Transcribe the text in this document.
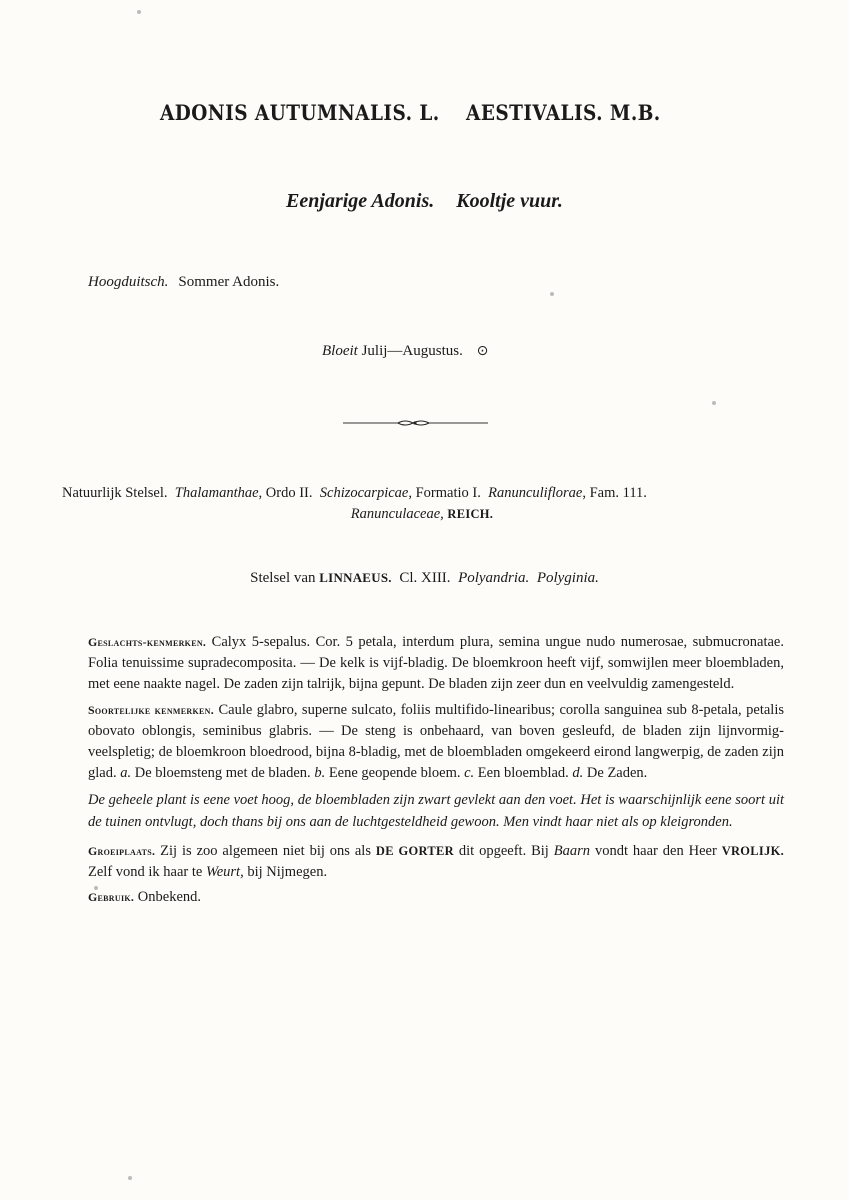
ADONIS AUTUMNALIS. L. AESTIVALIS. M.B.
Eenjarige Adonis. Kooltje vuur.
Hoogduitsch. Sommer Adonis.
Bloeit Julij—Augustus. ⊙
Natuurlijk Stelsel. Thalamanthae, Ordo II. Schizocarpicae, Formatio I. Ranunculiflorae, Fam. 111.
Ranunculaceae, REICH.
Stelsel van LINNAEUS. Cl. XIII. Polyandria. Polyginia.

Geslachts-kenmerken. Calyx 5-sepalus. Cor. 5 petala, interdum plura, semina ungue nudo numerosae, submucronatae. Folia tenuissime supradecomposita. — De kelk is vijf-bladig. De bloemkroon heeft vijf, somwijlen meer bloembladen, met eene naakte nagel. De zaden zijn talrijk, bijna gepunt. De bladen zijn zeer dun en veelvuldig zamengesteld.

Soortelijke kenmerken. Caule glabro, superne sulcato, foliis multifido-linearibus; corolla sanguinea sub 8-petala, petalis obovato oblongis, seminibus glabris. — De steng is onbehaard, van boven gesleufd, de bladen zijn lijnvormig-veelspletig; de bloemkroon bloedrood, bijna 8-bladig, met de bloembladen omgekeerd eirond langwerpig, de zaden zijn glad. a. De bloemsteng met de bladen. b. Eene geopende bloem. c. Een bloemblad. d. De Zaden.

De geheele plant is eene voet hoog, de bloembladen zijn zwart gevlekt aan den voet. Het is waarschijnlijk eene soort uit de tuinen ontvlugt, doch thans bij ons aan de luchtgesteldheid gewoon. Men vindt haar niet als op kleigronden.

Groeiplaats. Zij is zoo algemeen niet bij ons als DE GORTER dit opgeeft. Bij Baarn vondt haar den Heer VROLIJK. Zelf vond ik haar te Weurt, bij Nijmegen.

Gebruik. Onbekend.
